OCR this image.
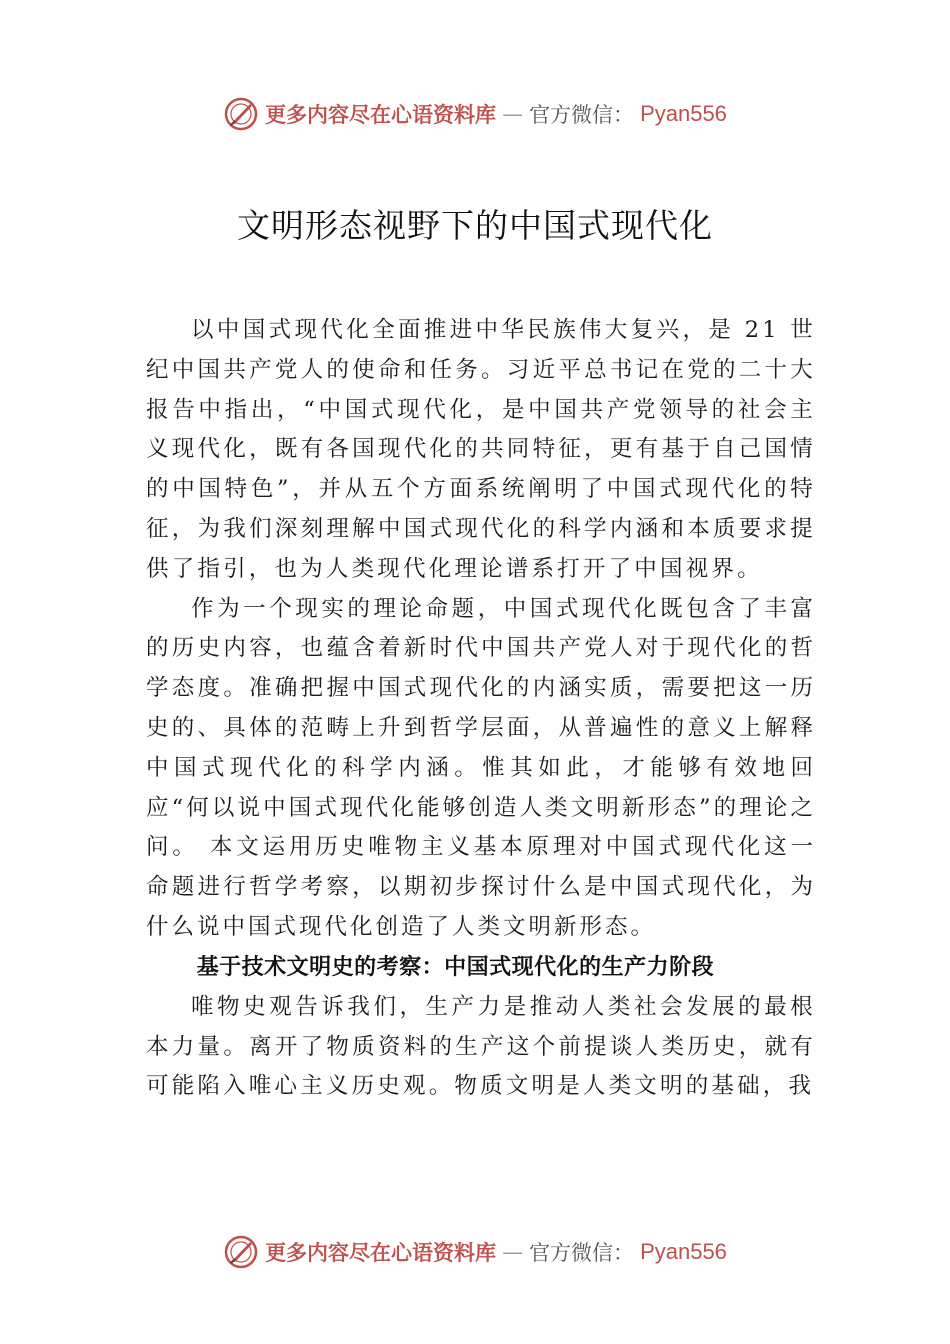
更多内容尽在心语资料库 — 官方微信： Pyan556
文明形态视野下的中国式现代化

以中国式现代化全面推进中华民族伟大复兴，是 21 世纪中国共产党人的使命和任务。习近平总书记在党的二十大报告中指出，“中国式现代化，是中国共产党领导的社会主义现代化，既有各国现代化的共同特征，更有基于自己国情的中国特色”，并从五个方面系统阐明了中国式现代化的特征，为我们深刻理解中国式现代化的科学内涵和本质要求提供了指引，也为人类现代化理论谱系打开了中国视界。

作为一个现实的理论命题，中国式现代化既包含了丰富的历史内容，也蕴含着新时代中国共产党人对于现代化的哲学态度。准确把握中国式现代化的内涵实质，需要把这一历史的、具体的范畴上升到哲学层面，从普遍性的意义上解释中国式现代化的科学内涵。惟其如此，才能够有效地回应“何以说中国式现代化能够创造人类文明新形态”的理论之问。 本文运用历史唯物主义基本原理对中国式现代化这一命题进行哲学考察，以期初步探讨什么是中国式现代化，为什么说中国式现代化创造了人类文明新形态。

基于技术文明史的考察：中国式现代化的生产力阶段

唯物史观告诉我们，生产力是推动人类社会发展的最根本力量。离开了物质资料的生产这个前提谈人类历史，就有可能陷入唯心主义历史观。物质文明是人类文明的基础，我

更多内容尽在心语资料库 — 官方微信： Pyan556
